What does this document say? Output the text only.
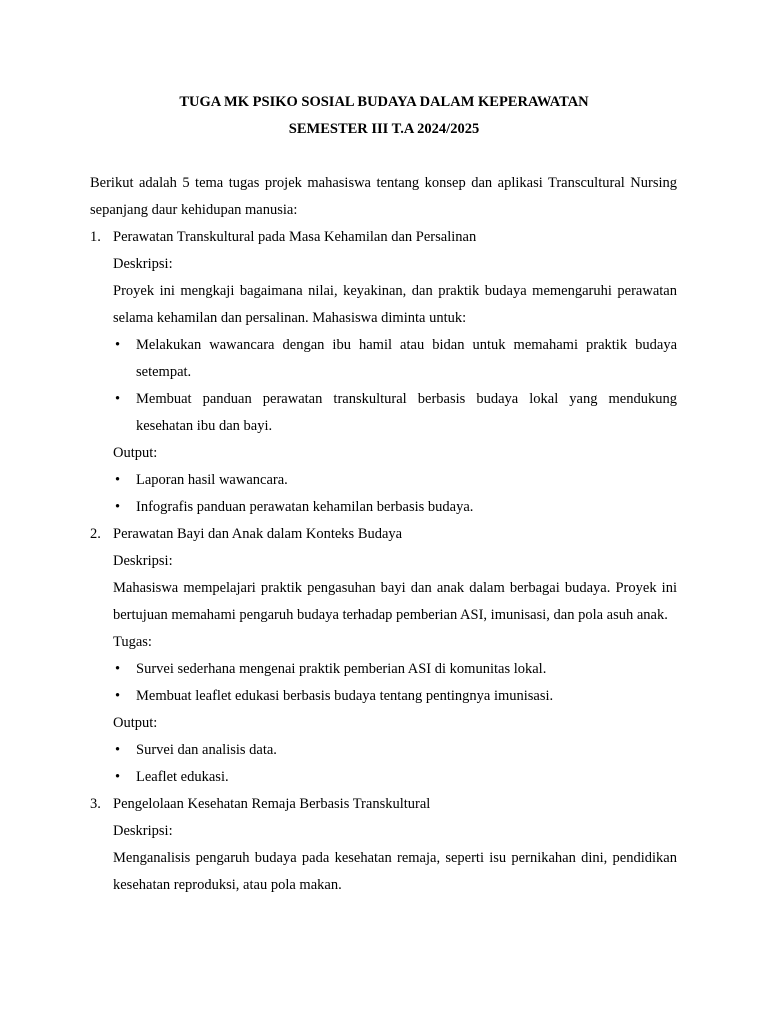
TUGA MK PSIKO SOSIAL BUDAYA DALAM KEPERAWATAN
SEMESTER III T.A 2024/2025

Berikut adalah 5 tema tugas projek mahasiswa tentang konsep dan aplikasi Transcultural Nursing sepanjang daur kehidupan manusia:

1. Perawatan Transkultural pada Masa Kehamilan dan Persalinan

Deskripsi:

Proyek ini mengkaji bagaimana nilai, keyakinan, dan praktik budaya memengaruhi perawatan selama kehamilan dan persalinan. Mahasiswa diminta untuk:

• Melakukan wawancara dengan ibu hamil atau bidan untuk memahami praktik budaya setempat.
• Membuat panduan perawatan transkultural berbasis budaya lokal yang mendukung kesehatan ibu dan bayi.

Output:

• Laporan hasil wawancara.
• Infografis panduan perawatan kehamilan berbasis budaya.
2. Perawatan Bayi dan Anak dalam Konteks Budaya

Deskripsi:

Mahasiswa mempelajari praktik pengasuhan bayi dan anak dalam berbagai budaya. Proyek ini bertujuan memahami pengaruh budaya terhadap pemberian ASI, imunisasi, dan pola asuh anak.

Tugas:

• Survei sederhana mengenai praktik pemberian ASI di komunitas lokal.
• Membuat leaflet edukasi berbasis budaya tentang pentingnya imunisasi.

Output:

• Survei dan analisis data.
• Leaflet edukasi.
3. Pengelolaan Kesehatan Remaja Berbasis Transkultural

Deskripsi:

Menganalisis pengaruh budaya pada kesehatan remaja, seperti isu pernikahan dini, pendidikan kesehatan reproduksi, atau pola makan.
